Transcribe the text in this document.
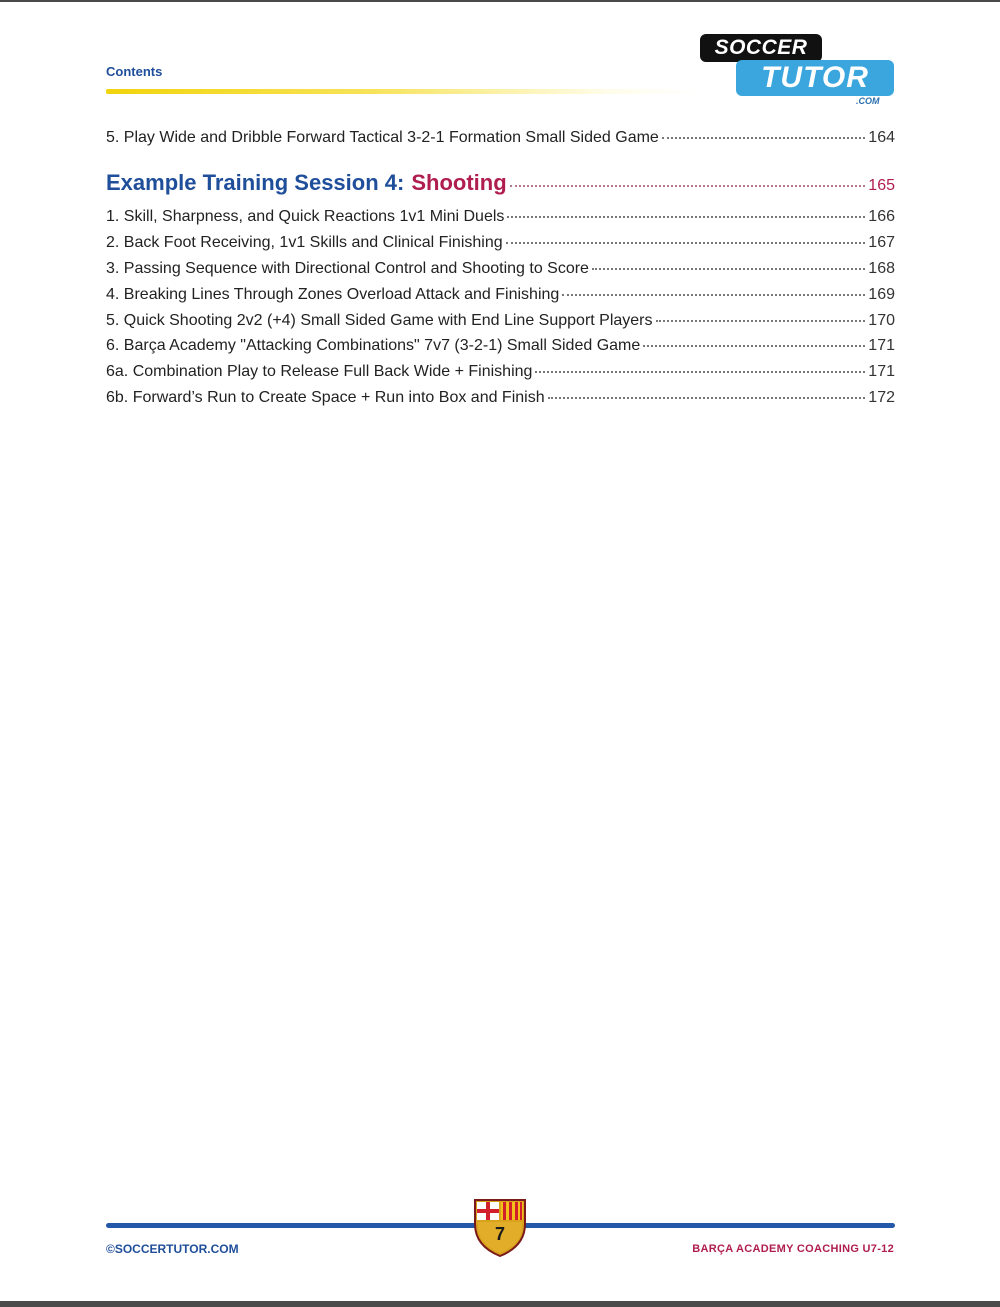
Contents
SOCCER
TUTOR
.COM
5. Play Wide and Dribble Forward Tactical 3-2-1 Formation Small Sided Game	164
Example Training Session 4: Shooting	165
1. Skill, Sharpness, and Quick Reactions 1v1 Mini Duels	166
2. Back Foot Receiving, 1v1 Skills and Clinical Finishing	167
3. Passing Sequence with Directional Control and Shooting to Score	168
4. Breaking Lines Through Zones Overload Attack and Finishing	169
5. Quick Shooting 2v2 (+4) Small Sided Game with End Line Support Players	170
6. Barça Academy "Attacking Combinations" 7v7 (3-2-1) Small Sided Game	171
6a. Combination Play to Release Full Back Wide + Finishing	171
6b. Forward’s Run to Create Space + Run into Box and Finish	172
©SOCCERTUTOR.COM	BARÇA ACADEMY COACHING U7-12
7
